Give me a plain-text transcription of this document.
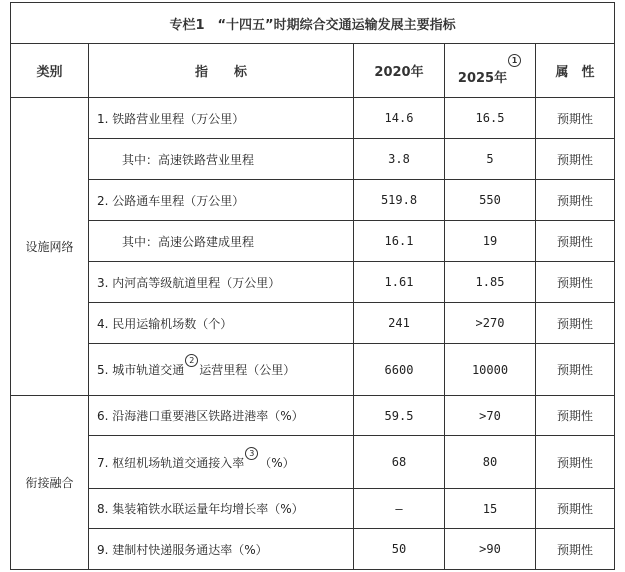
专栏1　“十四五”时期综合交通运输发展主要指标				
类别	指　　标	2020年	2025年1	属　性
设施网络	1. 铁路营业里程（万公里）	14.6	16.5	预期性
	其中：高速铁路营业里程	3.8	5	预期性
	2. 公路通车里程（万公里）	519.8	550	预期性
	其中：高速公路建成里程	16.1	19	预期性
	3. 内河高等级航道里程（万公里）	1.61	1.85	预期性
	4. 民用运输机场数（个）	241	>270	预期性
	5. 城市轨道交通2运营里程（公里）	6600	10000	预期性
衔接融合	6. 沿海港口重要港区铁路进港率（%）	59.5	>70	预期性
	7. 枢纽机场轨道交通接入率3（%）	68	80	预期性
	8. 集装箱铁水联运量年均增长率（%）	—	15	预期性
	9. 建制村快递服务通达率（%）	50	>90	预期性
